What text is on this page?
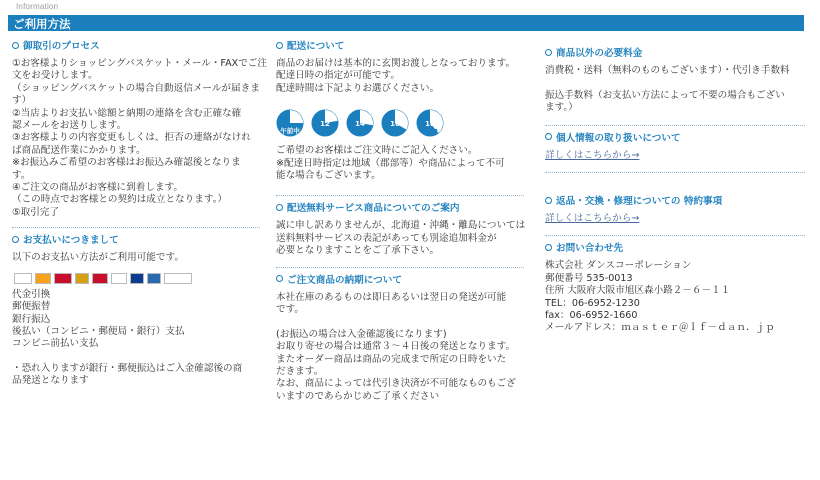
Information
ご利用方法
御取引のプロセス
①お客様よりショッピングバスケット・メール・FAXでご注
文をお受けします。
（ショッピングバスケットの場合自動返信メールが届きま
す）
②当店よりお支払い総額と納期の連絡を含む正確な確
認メールをお送りします。
③お客様よりの内容変更もしくは、拒否の連絡がなけれ
ば商品配送作業にかかります。
※お振込みご希望のお客様はお振込み確認後となりま
す。
④ご注文の商品がお客様に到着します。
（この時点でお客様との契約は成立となります。）
⑤取引完了
お支払いにつきまして
以下のお支払い方法がご利用可能です。
代金引換
郵便振替
銀行振込
後払い（コンビニ・郵便局・銀行）支払
コンビニ前払い支払
・恐れ入りますが銀行・郵便振込はご入金確認後の商
品発送となります
配送について
商品のお届けは基本的に玄関お渡しとなっております。
配達日時の指定が可能です。
配達時間は下記よりお選びください。
午前中
12
14
14
16
16
18
18
21
ご希望のお客様はご注文時にご記入ください。
※配達日時指定は地域（郡部等）や商品によって不可
能な場合もございます。
配送無料サービス商品についてのご案内
誠に申し訳ありませんが、北海道・沖縄・離島については
送料無料サービスの表記があっても別途追加料金が
必要となりますことをご了承下さい。
ご注文商品の納期について
本社在庫のあるものは即日あるいは翌日の発送が可能
です。
(お振込の場合は入金確認後になります)
お取り寄せの場合は通常３～４日後の発送となります。
またオーダー商品は商品の完成まで所定の日時をいた
だきます。
なお、商品によっては代引き決済が不可能なものもござ
いますのであらかじめご了承ください
商品以外の必要料金
消費税・送料（無料のものもございます）・代引き手数料
振込手数料（お支払い方法によって不要の場合もござい
ます。）
個人情報の取り扱いについて
詳しくはこちらから→
返品・交換・修理についての 特約事項
詳しくはこちらから→
お問い合わせ先
株式会社 ダンスコーポレーション
郵便番号 535-0013
住所 大阪府大阪市旭区森小路２－６－１１
TEL：06-6952-1230
fax：06-6952-1660
メールアドレス：ｍａｓｔｅｒ＠ｌｆ－ｄａｎ．ｊｐ
